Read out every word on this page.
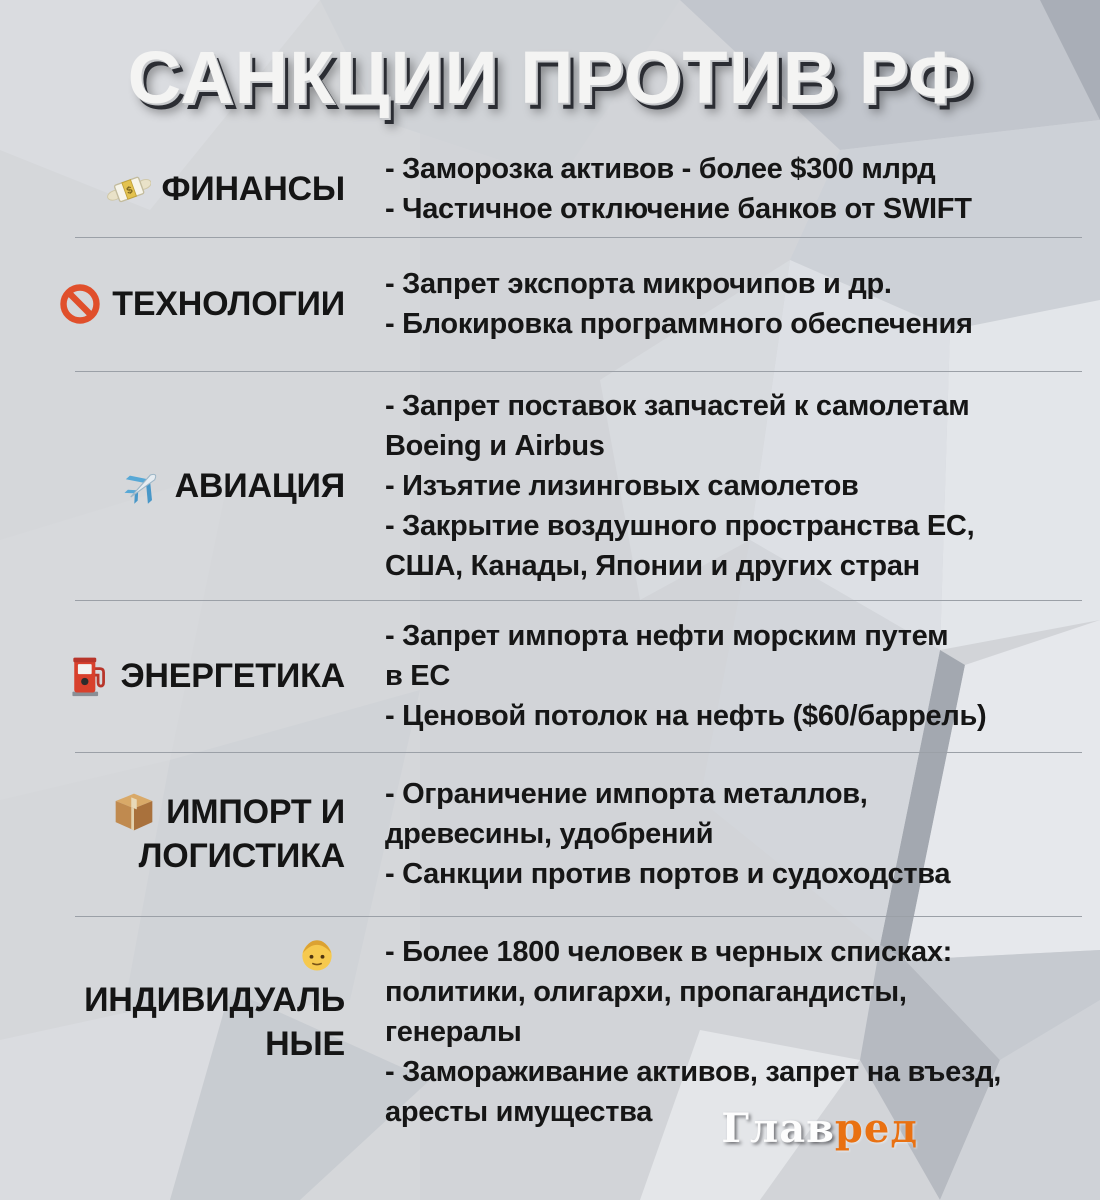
САНКЦИИ ПРОТИВ РФ
$ ФИНАНСЫ
- Заморозка активов - более $300 млрд
- Частичное отключение банков от SWIFT
ТЕХНОЛОГИИ
- Запрет экспорта микрочипов и др.
- Блокировка программного обеспечения
АВИАЦИЯ
- Запрет поставок запчастей к самолетам
Boeing и Airbus
- Изъятие лизинговых самолетов
- Закрытие воздушного пространства ЕС,
США, Канады, Японии и других стран
ЭНЕРГЕТИКА
- Запрет импорта нефти морским путем
в ЕС
- Ценовой потолок на нефть ($60/баррель)
ИМПОРТ И
ЛОГИСТИКА
- Ограничение импорта металлов,
древесины, удобрений
- Санкции против портов и судоходства
ИНДИВИДУАЛЬ
НЫЕ
- Более 1800 человек в черных списках:
политики, олигархи, пропагандисты,
генералы
- Замораживание активов, запрет на въезд,
аресты имущества	Главред
